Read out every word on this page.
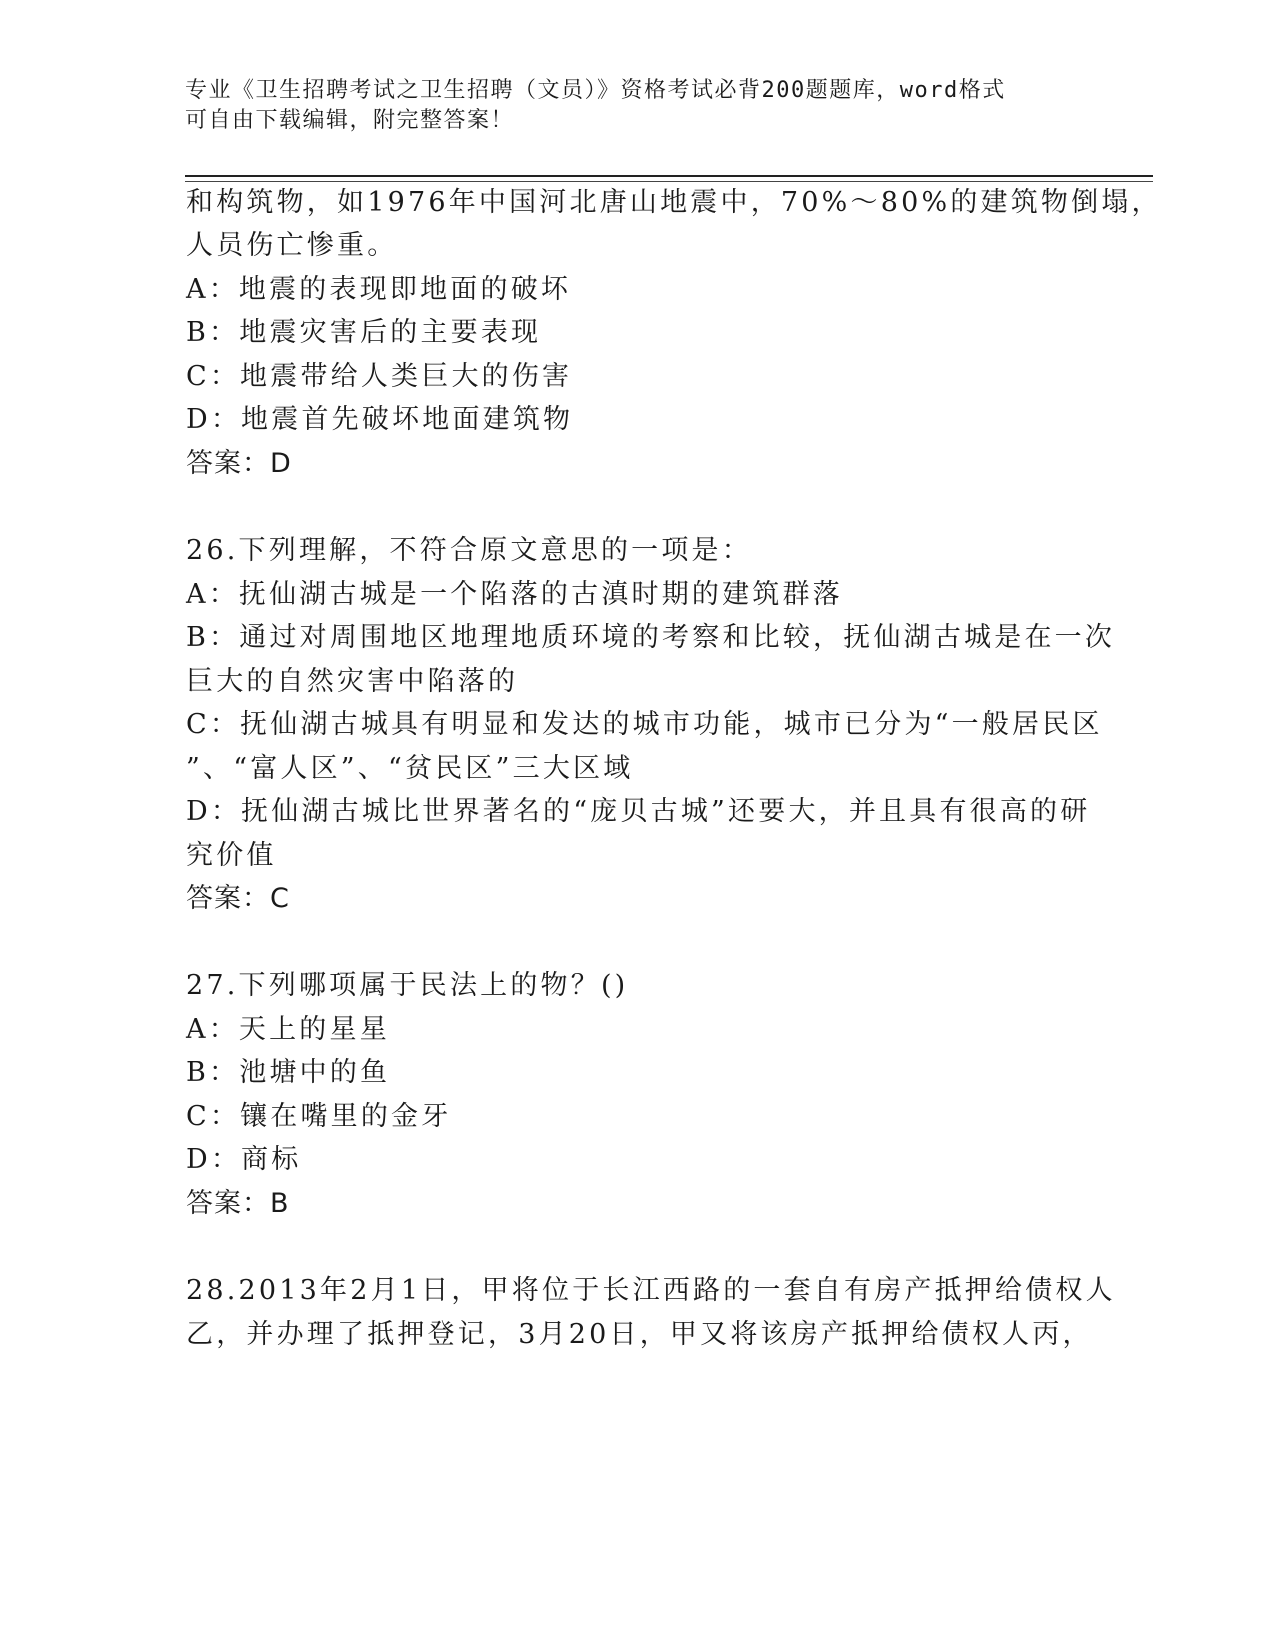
专业《卫生招聘考试之卫生招聘（文员）》资格考试必背200题题库，word格式
可自由下载编辑，附完整答案！
和构筑物，如1976年中国河北唐山地震中，70%～80%的建筑物倒塌，
人员伤亡惨重。
A：地震的表现即地面的破坏
B：地震灾害后的主要表现
C：地震带给人类巨大的伤害
D：地震首先破坏地面建筑物
答案：D
26.下列理解，不符合原文意思的一项是：
A：抚仙湖古城是一个陷落的古滇时期的建筑群落
B：通过对周围地区地理地质环境的考察和比较，抚仙湖古城是在一次
巨大的自然灾害中陷落的
C：抚仙湖古城具有明显和发达的城市功能，城市已分为“一般居民区
”、“富人区”、“贫民区”三大区域
D：抚仙湖古城比世界著名的“庞贝古城”还要大，并且具有很高的研
究价值
答案：C
27.下列哪项属于民法上的物？()
A：天上的星星
B：池塘中的鱼
C：镶在嘴里的金牙
D：商标
答案：B
28.2013年2月1日，甲将位于长江西路的一套自有房产抵押给债权人
乙，并办理了抵押登记，3月20日，甲又将该房产抵押给债权人丙，
